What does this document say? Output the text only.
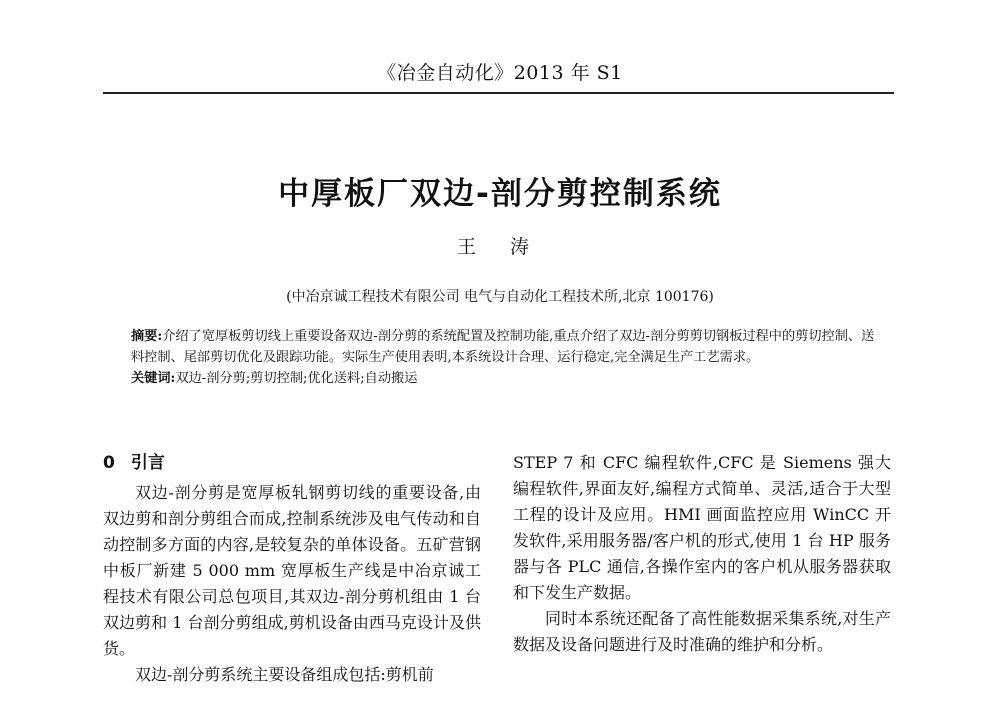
《冶金自动化》2013 年 S1
中厚板厂双边-剖分剪控制系统
王 涛
(中冶京诚工程技术有限公司 电气与自动化工程技术所,北京 100176)

摘要:介绍了宽厚板剪切线上重要设备双边-剖分剪的系统配置及控制功能,重点介绍了双边-剖分剪剪切钢板过程中的剪切控制、送料控制、尾部剪切优化及跟踪功能。实际生产使用表明,本系统设计合理、运行稳定,完全满足生产工艺需求。

关键词:双边-剖分剪;剪切控制;优化送料;自动搬运

0 引言

双边-剖分剪是宽厚板轧钢剪切线的重要设备,由双边剪和剖分剪组合而成,控制系统涉及电气传动和自动控制多方面的内容,是较复杂的单体设备。五矿营钢中板厂新建 5 000 mm 宽厚板生产线是中冶京诚工程技术有限公司总包项目,其双边-剖分剪机组由 1 台双边剪和 1 台剖分剪组成,剪机设备由西马克设计及供货。

双边-剖分剪系统主要设备组成包括:剪机前

STEP 7 和 CFC 编程软件,CFC 是 Siemens 强大编程软件,界面友好,编程方式简单、灵活,适合于大型工程的设计及应用。HMI 画面监控应用 WinCC 开发软件,采用服务器/客户机的形式,使用 1 台 HP 服务器与各 PLC 通信,各操作室内的客户机从服务器获取和下发生产数据。

同时本系统还配备了高性能数据采集系统,对生产数据及设备问题进行及时准确的维护和分析。
